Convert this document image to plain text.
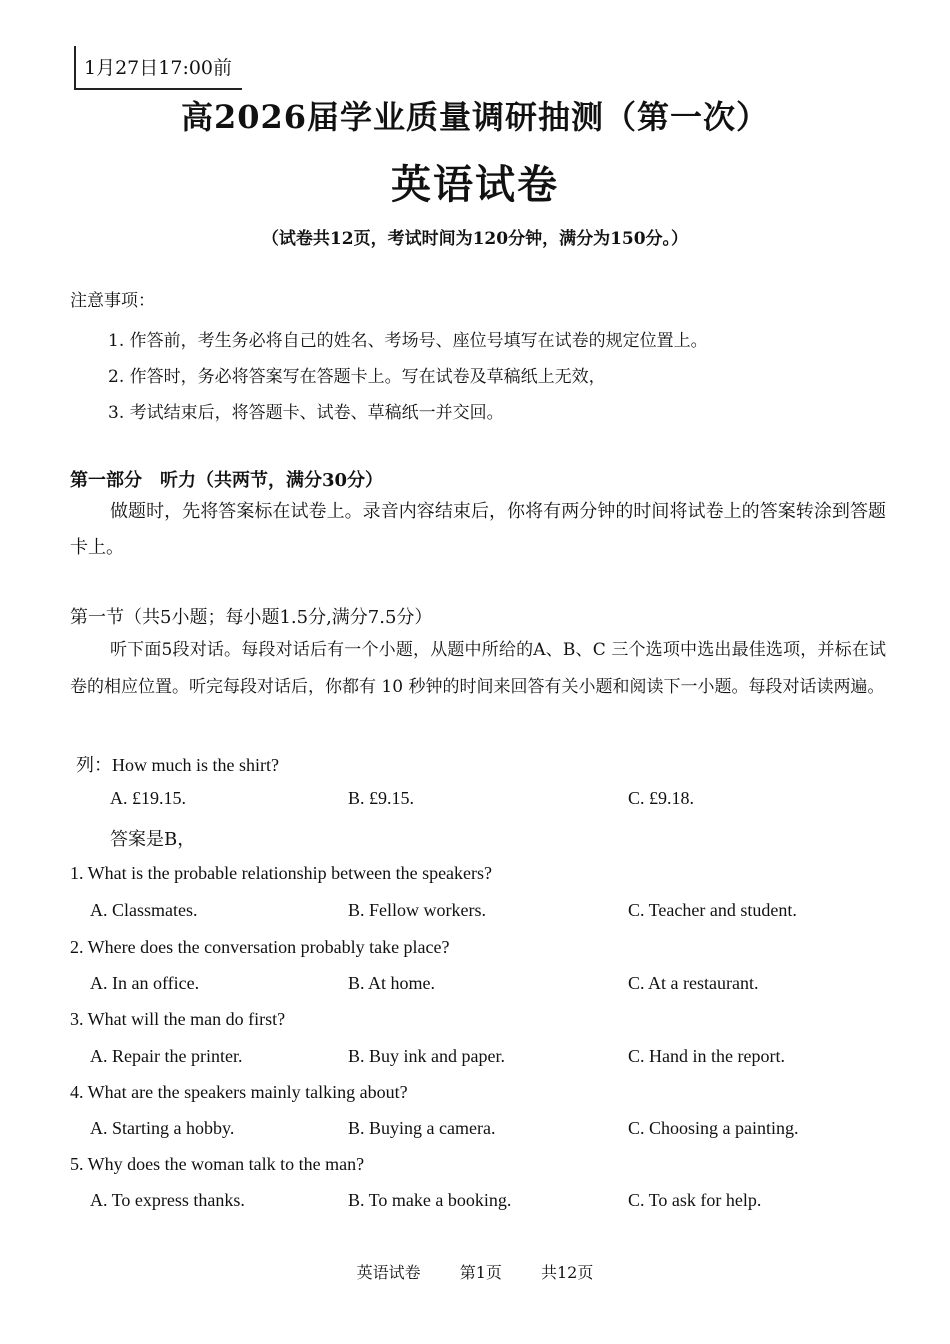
1月27日17:00前
高2026届学业质量调研抽测（第一次）
英语试卷
（试卷共12页，考试时间为120分钟，满分为150分。）
注意事项：
1. 作答前，考生务必将自己的姓名、考场号、座位号填写在试卷的规定位置上。
2. 作答时，务必将答案写在答题卡上。写在试卷及草稿纸上无效，
3. 考试结束后，将答题卡、试卷、草稿纸一并交回。
第一部分　听力（共两节，满分30分）
做题时，先将答案标在试卷上。录音内容结束后，你将有两分钟的时间将试卷上的答案转涂到答题卡上。
第一节（共5小题；每小题1.5分,满分7.5分）
听下面5段对话。每段对话后有一个小题，从题中所给的A、B、C 三个选项中选出最佳选项，并标在试卷的相应位置。听完每段对话后，你都有 10 秒钟的时间来回答有关小题和阅读下一小题。每段对话读两遍。
列：How much is the shirt?
A. £19.15.	B. £9.15.	C. £9.18.
答案是B，
1. What is the probable relationship between the speakers?
A. Classmates.	B. Fellow workers.	C. Teacher and student.
2. Where does the conversation probably take place?
A. In an office.	B. At home.	C. At a restaurant.
3. What will the man do first?
A. Repair the printer.	B. Buy ink and paper.	C. Hand in the report.
4. What are the speakers mainly talking about?
A. Starting a hobby.	B. Buying a camera.	C. Choosing a painting.
5. Why does the woman talk to the man?
A. To express thanks.	B. To make a booking.	C. To ask for help.
英语试卷 第1页 共12页
